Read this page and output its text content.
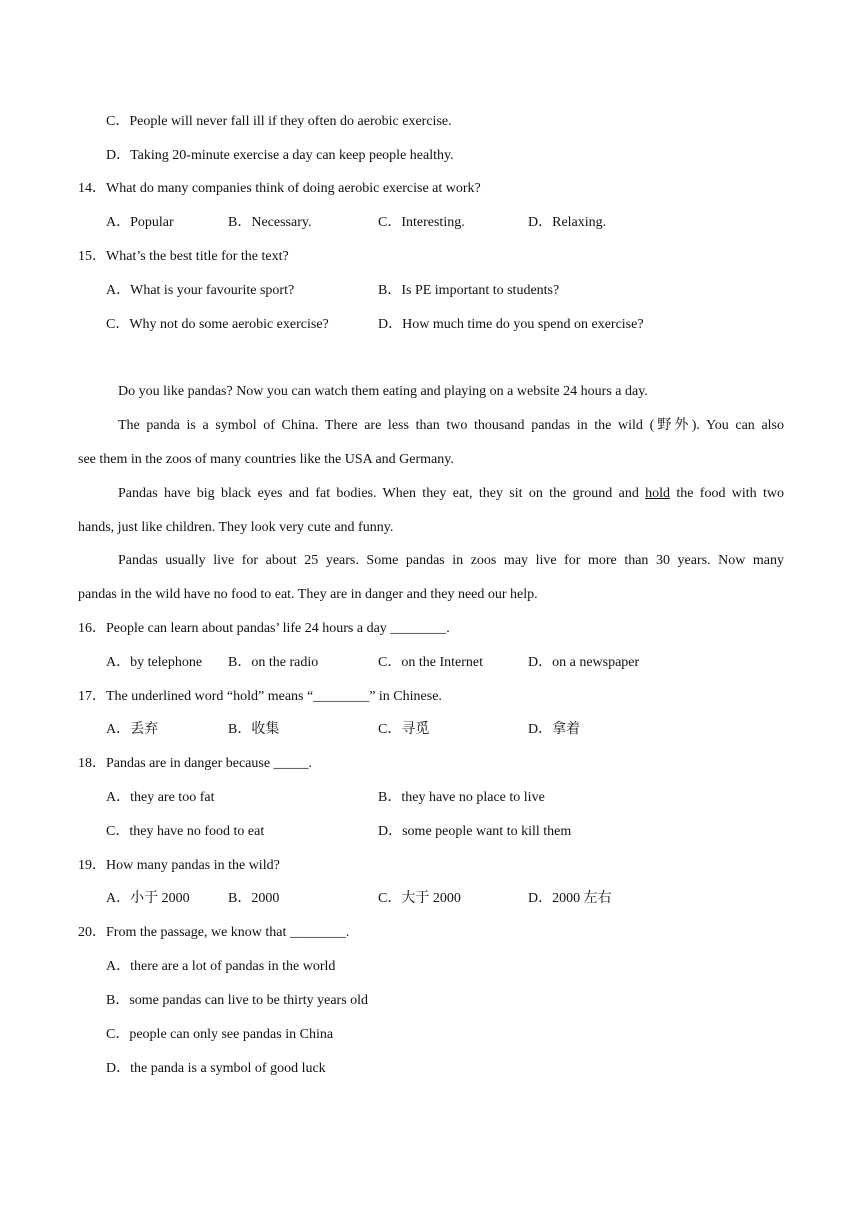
C．People will never fall ill if they often do aerobic exercise.
D．Taking 20-minute exercise a day can keep people healthy.
14．What do many companies think of doing aerobic exercise at work?
A．Popular	B．Necessary.	C．Interesting.	D．Relaxing.
15．What’s the best title for the text?
A．What is your favourite sport?	B．Is PE important to students?
C．Why not do some aerobic exercise?	D．How much time do you spend on exercise?
Do you like pandas? Now you can watch them eating and playing on a website 24 hours a day.
The panda is a symbol of China. There are less than two thousand pandas in the wild (野外). You can also
see them in the zoos of many countries like the USA and Germany.
Pandas have big black eyes and fat bodies. When they eat, they sit on the ground and hold the food with two
hands, just like children. They look very cute and funny.
Pandas usually live for about 25 years. Some pandas in zoos may live for more than 30 years. Now many
pandas in the wild have no food to eat. They are in danger and they need our help.
16．People can learn about pandas’ life 24 hours a day ________.
A．by telephone B．on the radio	C．on the Internet	D．on a newspaper
17．The underlined word “hold” means “________” in Chinese.
A．丢弃	B．收集	C．寻觅	D．拿着
18．Pandas are in danger because _____.
A．they are too fat	B．they have no place to live
C．they have no food to eat	D．some people want to kill them
19．How many pandas in the wild?
A．小于 2000	B．2000	C．大于 2000	D．2000 左右
20．From the passage, we know that ________.
A．there are a lot of pandas in the world
B．some pandas can live to be thirty years old
C．people can only see pandas in China
D．the panda is a symbol of good luck
